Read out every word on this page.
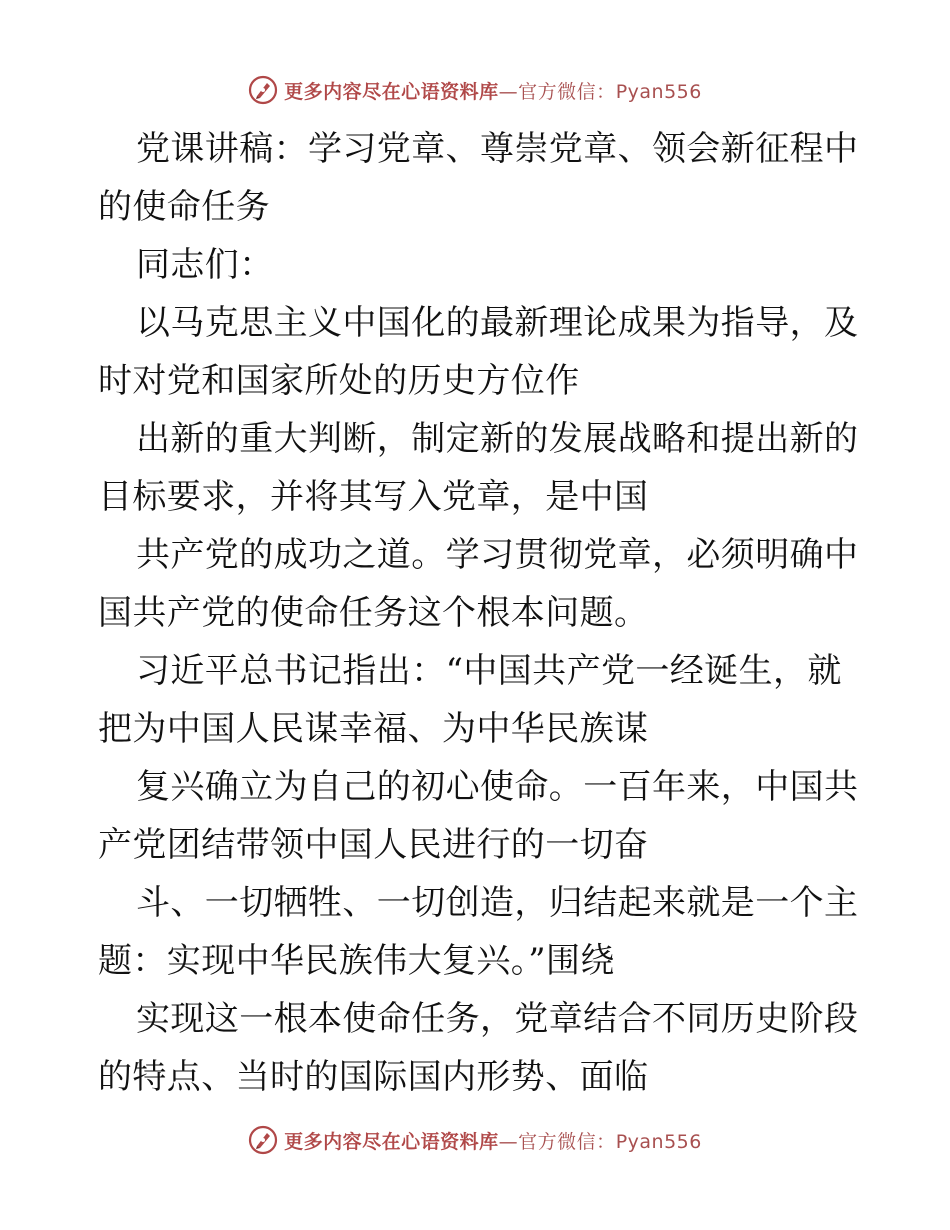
更多内容尽在心语资料库—官方微信：Pyan556
党课讲稿：学习党章、尊崇党章、领会新征程中
的使命任务
同志们：
以马克思主义中国化的最新理论成果为指导，及
时对党和国家所处的历史方位作
出新的重大判断，制定新的发展战略和提出新的
目标要求，并将其写入党章，是中国
共产党的成功之道。学习贯彻党章，必须明确中
国共产党的使命任务这个根本问题。
习近平总书记指出：“中国共产党一经诞生，就
把为中国人民谋幸福、为中华民族谋
复兴确立为自己的初心使命。一百年来，中国共
产党团结带领中国人民进行的一切奋
斗、一切牺牲、一切创造，归结起来就是一个主
题：实现中华民族伟大复兴。”围绕
实现这一根本使命任务，党章结合不同历史阶段
的特点、当时的国际国内形势、面临
更多内容尽在心语资料库—官方微信：Pyan556
